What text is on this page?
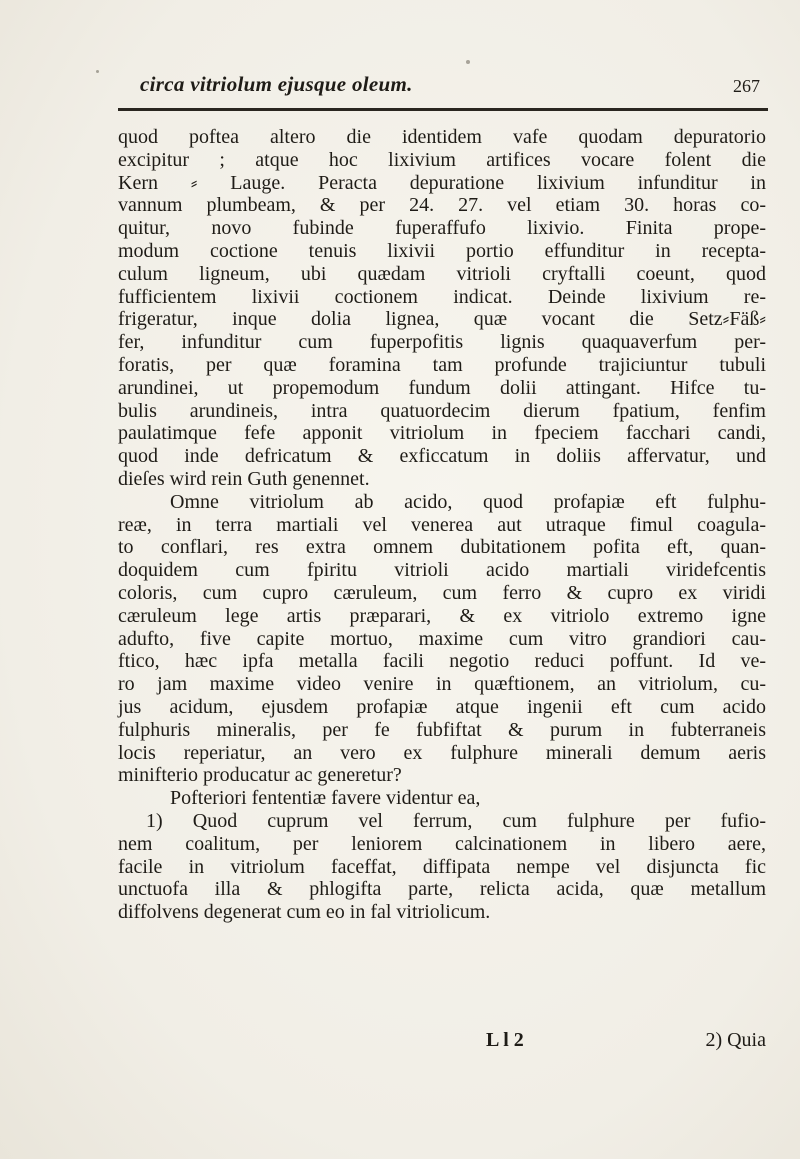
circa vitriolum ejusque oleum.	267
quod poftea altero die identidem vafe quodam depuratorio
excipitur ; atque hoc lixivium artifices vocare folent die
Kern ⸗ Lauge. Peracta depuratione lixivium infunditur in
vannum plumbeam, & per 24. 27. vel etiam 30. horas co-
quitur, novo fubinde fuperaffufo lixivio. Finita prope-
modum coctione tenuis lixivii portio effunditur in recepta-
culum ligneum, ubi quædam vitrioli cryftalli coeunt, quod
fufficientem lixivii coctionem indicat. Deinde lixivium re-
frigeratur, inque dolia lignea, quæ vocant die Setz⸗Fäß⸗
fer, infunditur cum fuperpofitis lignis quaquaverfum per-
foratis, per quæ foramina tam profunde trajiciuntur tubuli
arundinei, ut propemodum fundum dolii attingant. Hifce tu-
bulis arundineis, intra quatuordecim dierum fpatium, fenfim
paulatimque fefe apponit vitriolum in fpeciem facchari candi,
quod inde defricatum & exficcatum in doliis affervatur, und
dieſes wird rein Guth genennet.
Omne vitriolum ab acido, quod profapiæ eft fulphu-
reæ, in terra martiali vel venerea aut utraque fimul coagula-
to conflari, res extra omnem dubitationem pofita eft, quan-
doquidem cum fpiritu vitrioli acido martiali viridefcentis
coloris, cum cupro cæruleum, cum ferro & cupro ex viridi
cæruleum lege artis præparari, & ex vitriolo extremo igne
adufto, five capite mortuo, maxime cum vitro grandiori cau-
ftico, hæc ipfa metalla facili negotio reduci poffunt. Id ve-
ro jam maxime video venire in quæftionem, an vitriolum, cu-
jus acidum, ejusdem profapiæ atque ingenii eft cum acido
fulphuris mineralis, per fe fubfiftat & purum in fubterraneis
locis reperiatur, an vero ex fulphure minerali demum aeris
minifterio producatur ac generetur?
Pofteriori fententiæ favere videntur ea,
1) Quod cuprum vel ferrum, cum fulphure per fufio-
nem coalitum, per leniorem calcinationem in libero aere,
facile in vitriolum faceffat, diffipata nempe vel disjuncta fic
unctuofa illa & phlogifta parte, relicta acida, quæ metallum
diffolvens degenerat cum eo in fal vitriolicum.
L l 2	2) Quia
